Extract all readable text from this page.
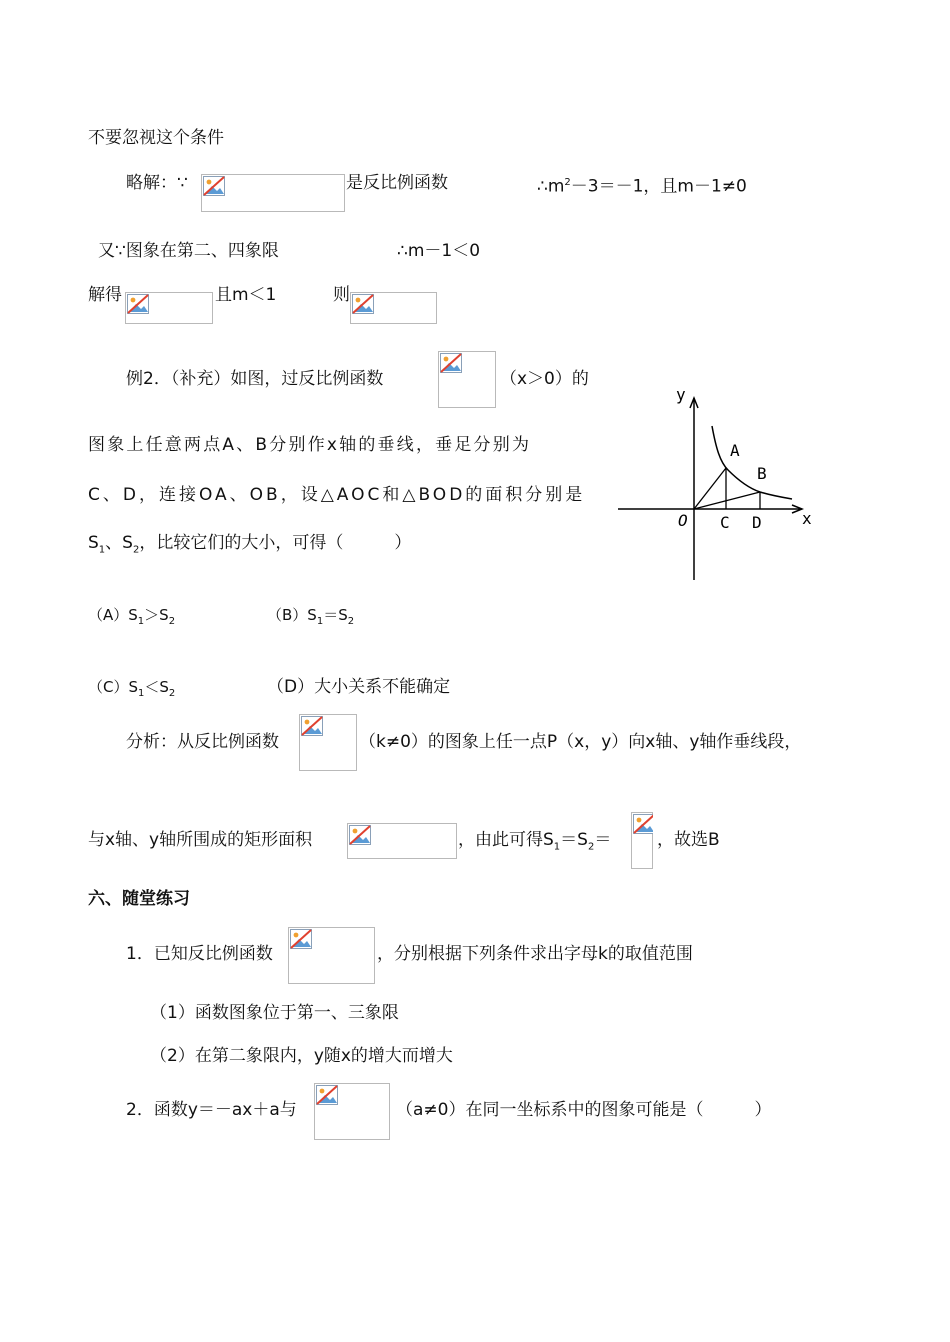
不要忽视这个条件
略解：∵	是反比例函数	$\therefore m^2-3=-1$，且m－1≠0
又∵图象在第二、四象限	∴m－1＜0
解得	且m＜1	则
例2．（补充）如图，过反比例函数	（x＞0）的
图象上任意两点A、B分别作x轴的垂线，垂足分别为
C、D，连接OA、OB，设△AOC和△BOD的面积分别是
$S_1$、$S_2$，比较它们的大小，可得（　　　）
y
x
O
A
B
C D
$(A)S_1>S_2$	$(B)S_1=S_2$
$(C)S_1<S_2$	（D）大小关系不能确定
分析：从反比例函数	（k≠0）的图象上任一点P（x，y）向x轴、y轴作垂线段，
与x轴、y轴所围成的矩形面积	，由此可得$S_1=S_2=$	，故选B
六、随堂练习
1．已知反比例函数	，分别根据下列条件求出字母k的取值范围
（1）函数图象位于第一、三象限
（2）在第二象限内，y随x的增大而增大
2．函数y＝－ax＋a与	（a≠0）在同一坐标系中的图象可能是（　　　）
